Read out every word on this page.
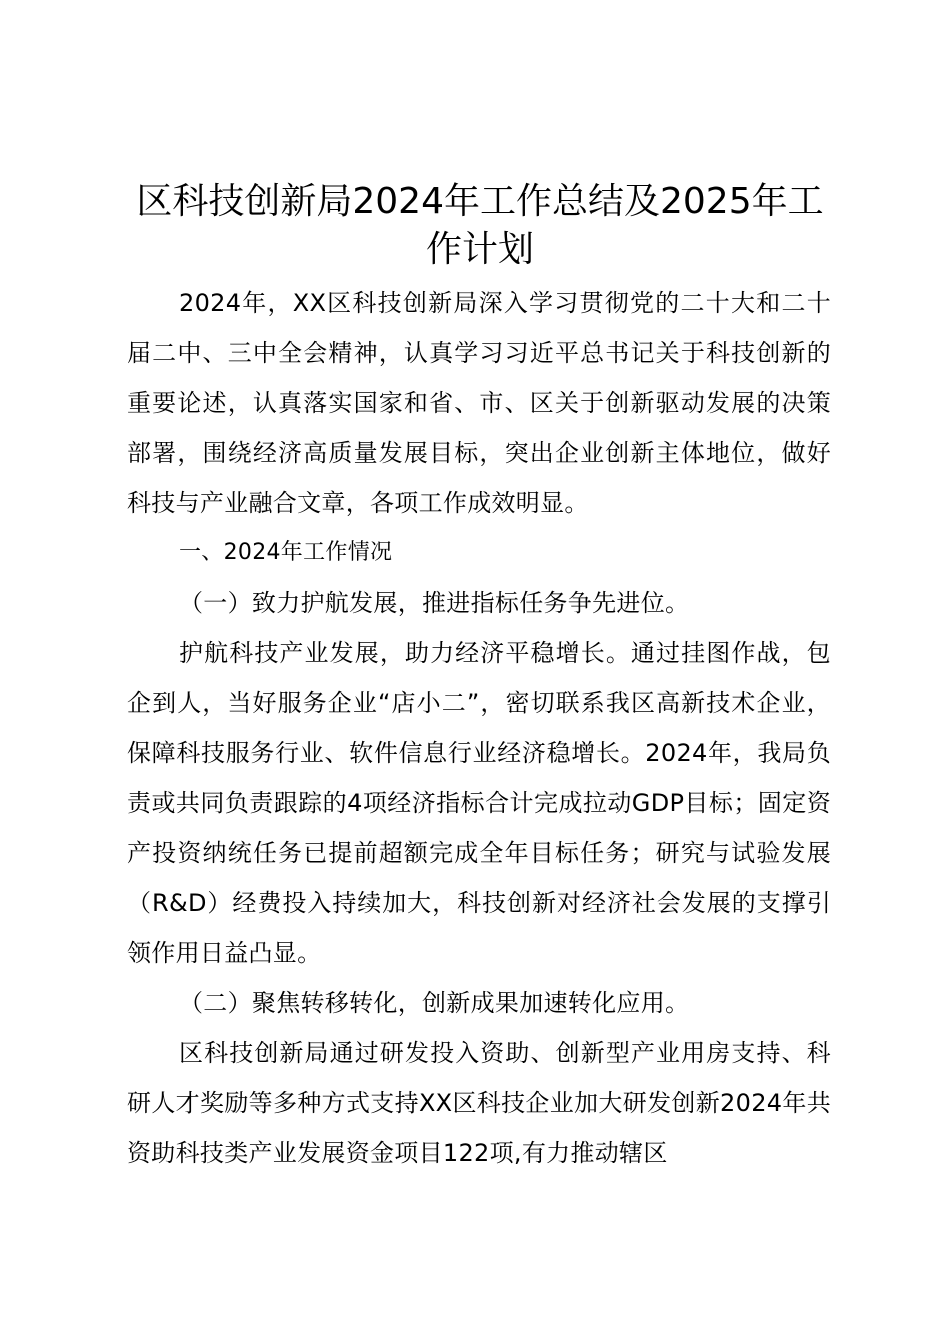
区科技创新局2024年工作总结及2025年工作计划

2024年，XX区科技创新局深入学习贯彻党的二十大和二十届二中、三中全会精神，认真学习习近平总书记关于科技创新的重要论述，认真落实国家和省、市、区关于创新驱动发展的决策部署，围绕经济高质量发展目标，突出企业创新主体地位，做好科技与产业融合文章，各项工作成效明显。

一、2024年工作情况

（一）致力护航发展，推进指标任务争先进位。

护航科技产业发展，助力经济平稳增长。通过挂图作战，包企到人，当好服务企业“店小二”，密切联系我区高新技术企业，保障科技服务行业、软件信息行业经济稳增长。2024年，我局负责或共同负责跟踪的4项经济指标合计完成拉动GDP目标；固定资产投资纳统任务已提前超额完成全年目标任务；研究与试验发展（R&D）经费投入持续加大，科技创新对经济社会发展的支撑引领作用日益凸显。

（二）聚焦转移转化，创新成果加速转化应用。

区科技创新局通过研发投入资助、创新型产业用房支持、科研人才奖励等多种方式支持XX区科技企业加大研发创新2024年共资助科技类产业发展资金项目122项,有力推动辖区
